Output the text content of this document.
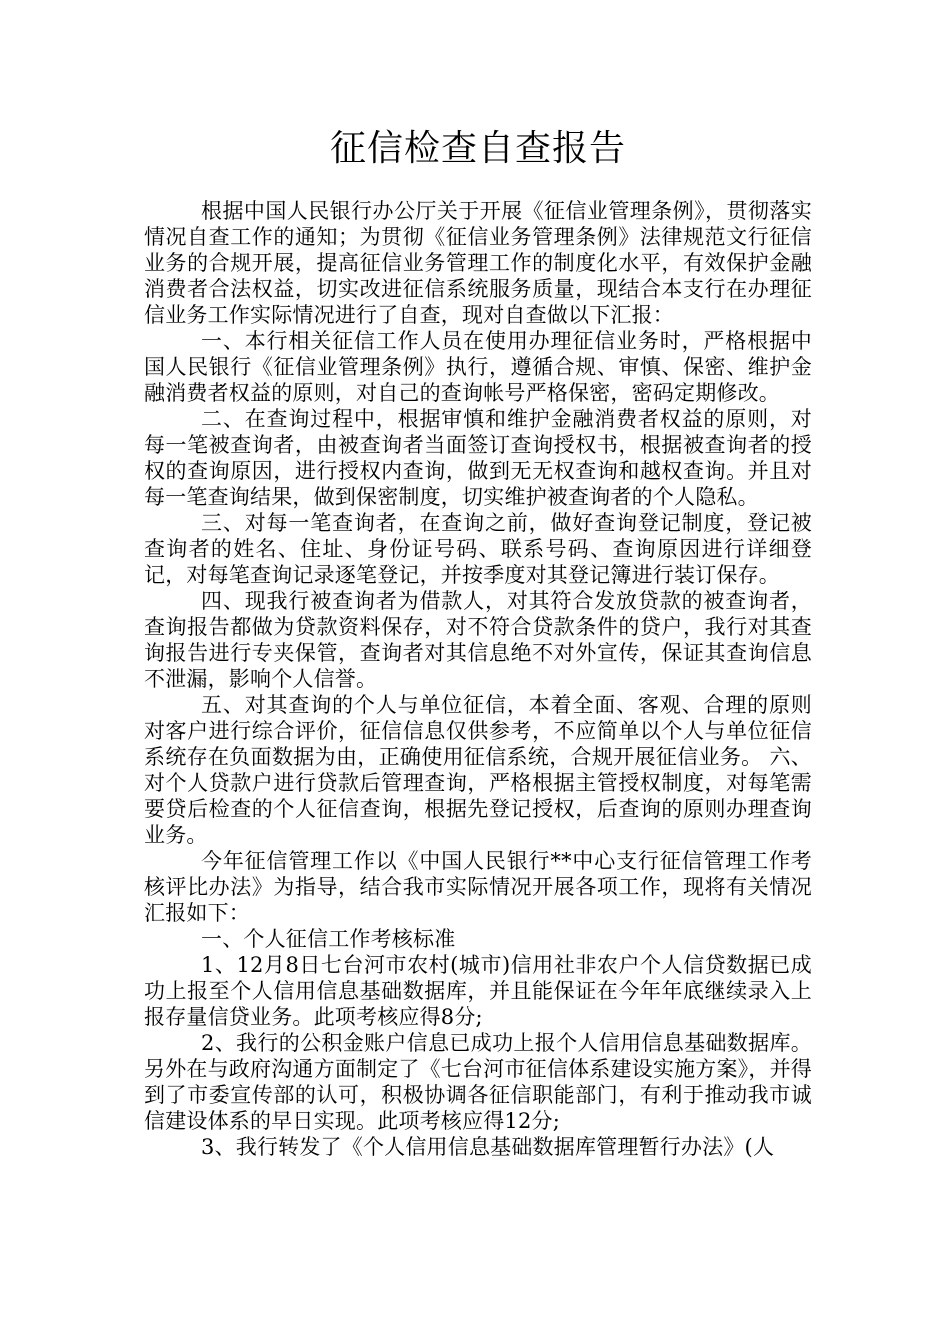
征信检查自查报告

根据中国人民银行办公厅关于开展《征信业管理条例》，贯彻落实情况自查工作的通知；为贯彻《征信业务管理条例》法律规范文行征信业务的合规开展，提高征信业务管理工作的制度化水平，有效保护金融消费者合法权益，切实改进征信系统服务质量，现结合本支行在办理征信业务工作实际情况进行了自查，现对自查做以下汇报：

一、本行相关征信工作人员在使用办理征信业务时，严格根据中国人民银行《征信业管理条例》执行，遵循合规、审慎、保密、维护金融消费者权益的原则，对自己的查询帐号严格保密，密码定期修改。

二、在查询过程中，根据审慎和维护金融消费者权益的原则，对每一笔被查询者，由被查询者当面签订查询授权书，根据被查询者的授权的查询原因，进行授权内查询，做到无无权查询和越权查询。并且对每一笔查询结果，做到保密制度，切实维护被查询者的个人隐私。

三、对每一笔查询者，在查询之前，做好查询登记制度，登记被查询者的姓名、住址、身份证号码、联系号码、查询原因进行详细登记，对每笔查询记录逐笔登记，并按季度对其登记簿进行装订保存。

四、现我行被查询者为借款人，对其符合发放贷款的被查询者，查询报告都做为贷款资料保存，对不符合贷款条件的贷户，我行对其查询报告进行专夹保管，查询者对其信息绝不对外宣传，保证其查询信息不泄漏，影响个人信誉。

五、对其查询的个人与单位征信，本着全面、客观、合理的原则对客户进行综合评价，征信信息仅供参考，不应简单以个人与单位征信系统存在负面数据为由，正确使用征信系统，合规开展征信业务。 六、对个人贷款户进行贷款后管理查询，严格根据主管授权制度，对每笔需要贷后检查的个人征信查询，根据先登记授权，后查询的原则办理查询业务。

今年征信管理工作以《中国人民银行**中心支行征信管理工作考核评比办法》为指导，结合我市实际情况开展各项工作，现将有关情况汇报如下：

一、个人征信工作考核标准

1、12月8日七台河市农村(城市)信用社非农户个人信贷数据已成功上报至个人信用信息基础数据库，并且能保证在今年年底继续录入上报存量信贷业务。此项考核应得8分;

2、我行的公积金账户信息已成功上报个人信用信息基础数据库。另外在与政府沟通方面制定了《七台河市征信体系建设实施方案》，并得到了市委宣传部的认可，积极协调各征信职能部门，有利于推动我市诚信建设体系的早日实现。此项考核应得12分;

3、我行转发了《个人信用信息基础数据库管理暂行办法》(人
